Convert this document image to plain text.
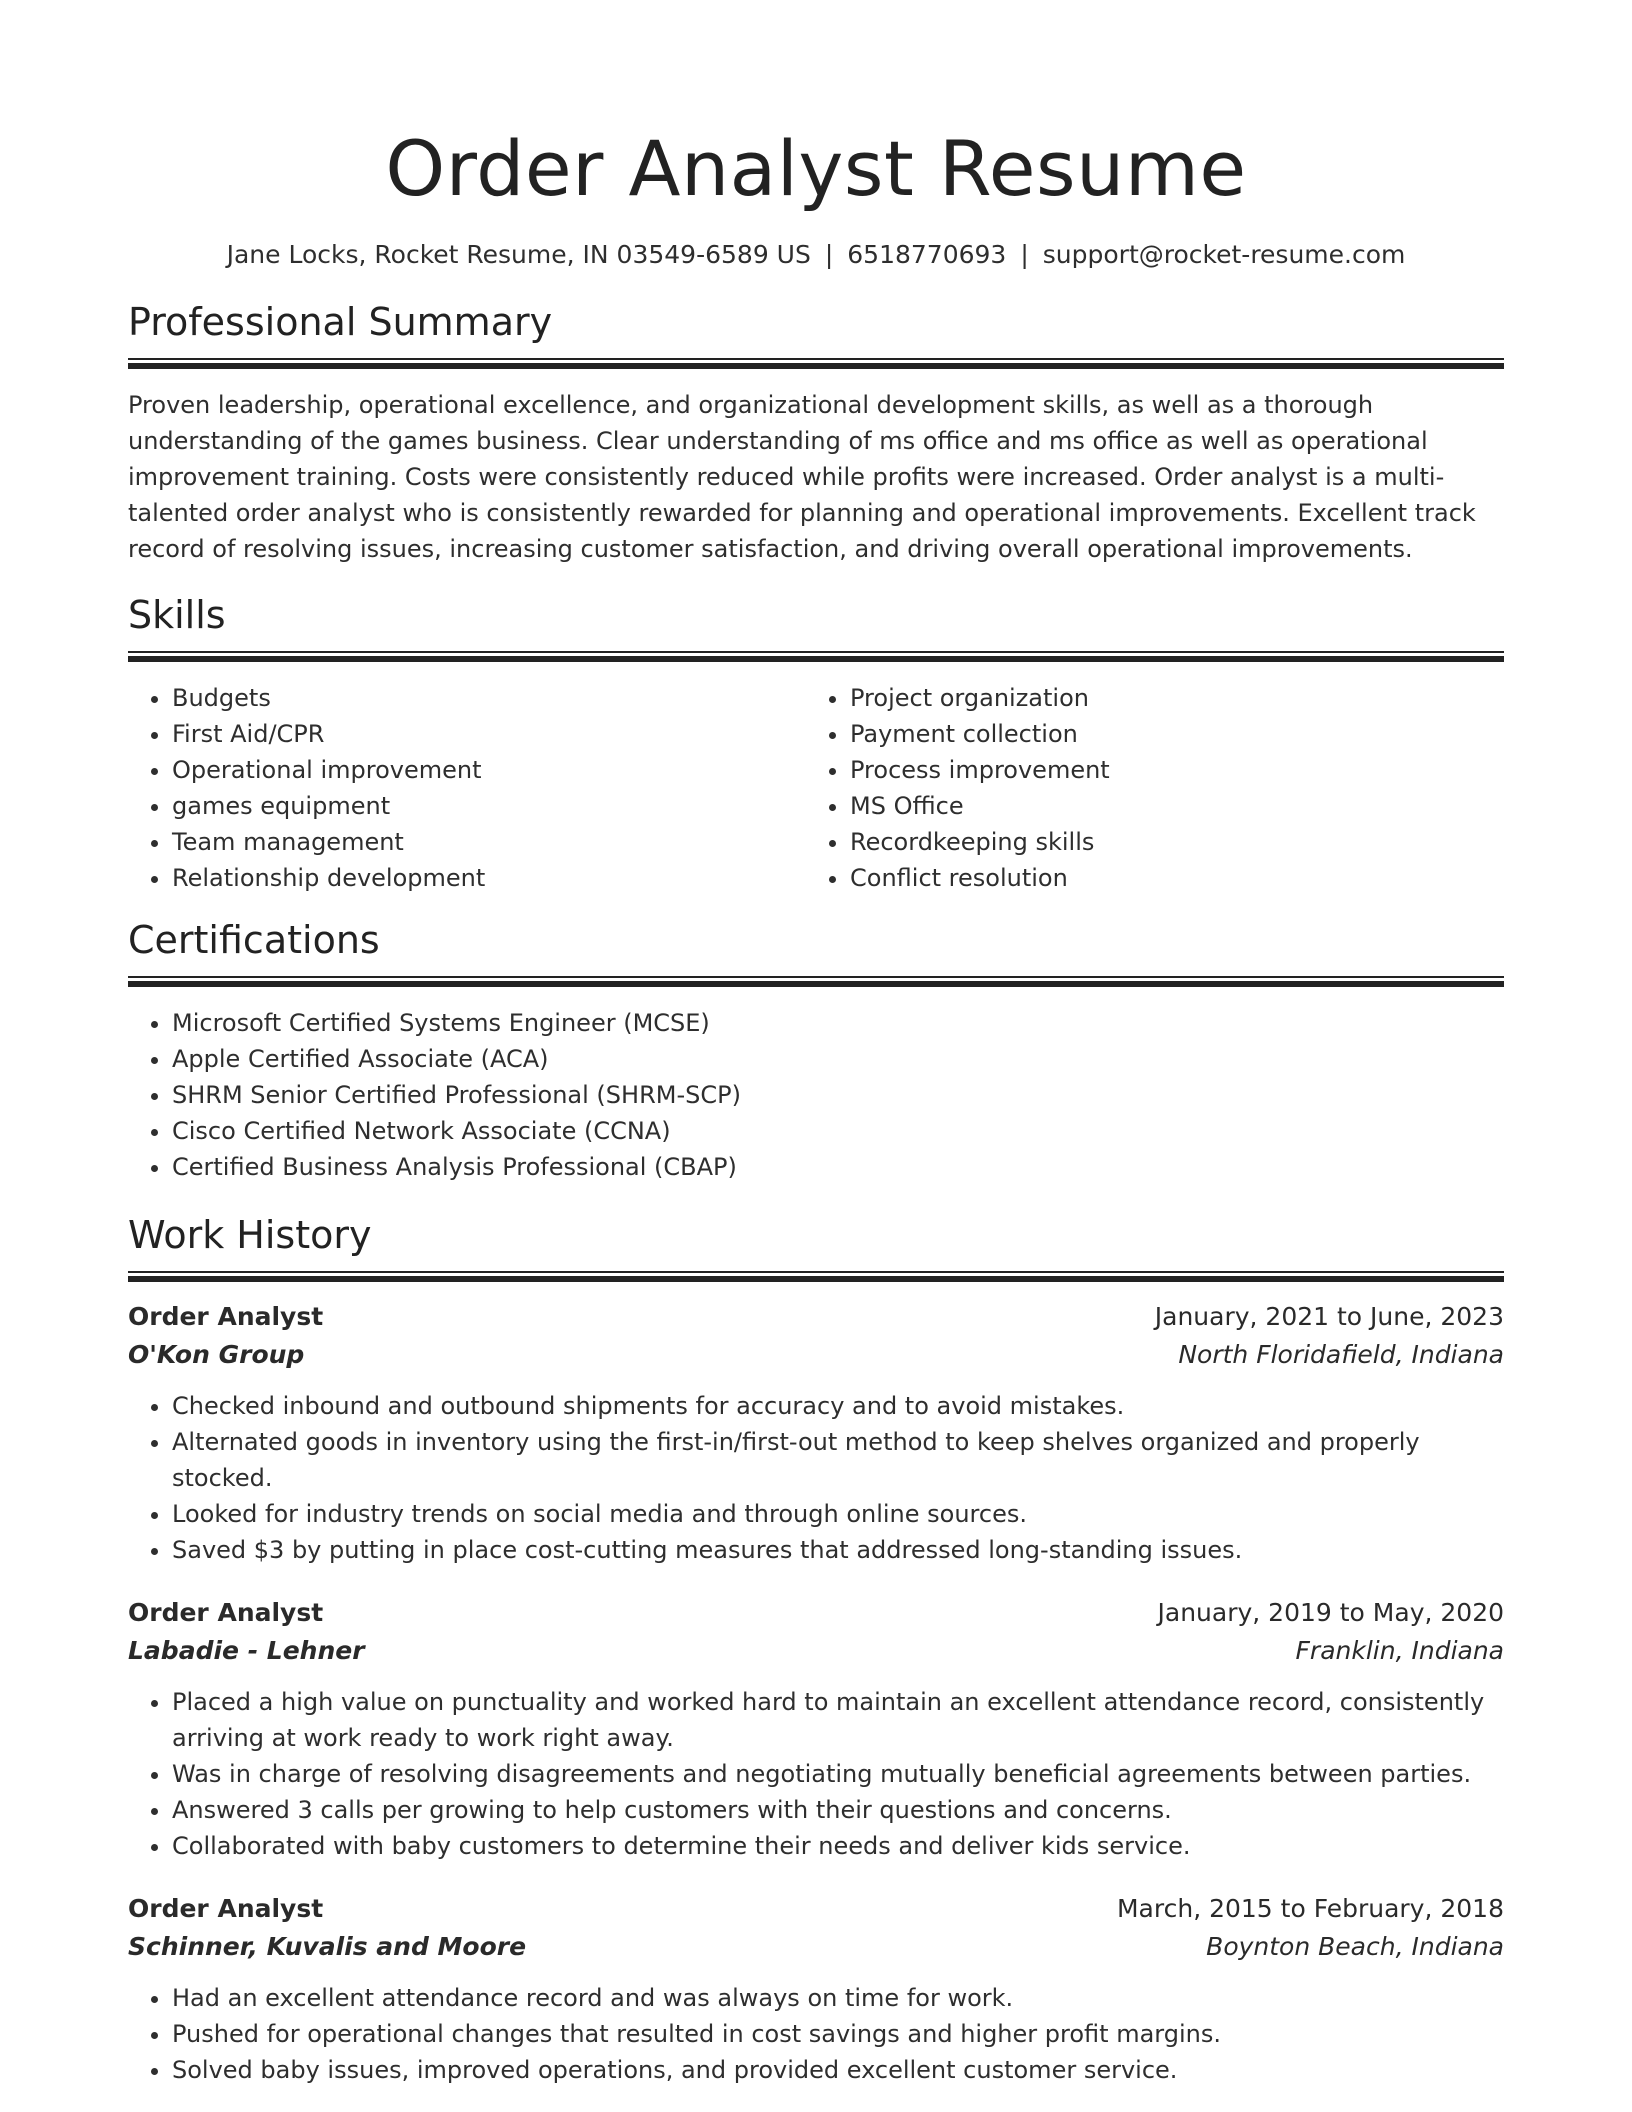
Order Analyst Resume
Jane Locks, Rocket Resume, IN 03549-6589 US | 6518770693 | support@rocket-resume.com
Professional Summary
Proven leadership, operational excellence, and organizational development skills, as well as a thorough understanding of the games business. Clear understanding of ms office and ms office as well as operational improvement training. Costs were consistently reduced while profits were increased. Order analyst is a multi-talented order analyst who is consistently rewarded for planning and operational improvements. Excellent track record of resolving issues, increasing customer satisfaction, and driving overall operational improvements.
Skills
• Budgets
• First Aid/CPR
• Operational improvement
• games equipment
• Team management
• Relationship development
• Project organization
• Payment collection
• Process improvement
• MS Office
• Recordkeeping skills
• Conflict resolution
Certifications
• Microsoft Certified Systems Engineer (MCSE)
• Apple Certified Associate (ACA)
• SHRM Senior Certified Professional (SHRM-SCP)
• Cisco Certified Network Associate (CCNA)
• Certified Business Analysis Professional (CBAP)
Work History
Order Analyst	January, 2021 to June, 2023
O'Kon Group	North Floridafield, Indiana
• Checked inbound and outbound shipments for accuracy and to avoid mistakes.
• Alternated goods in inventory using the first-in/first-out method to keep shelves organized and properly stocked.
• Looked for industry trends on social media and through online sources.
• Saved $3 by putting in place cost-cutting measures that addressed long-standing issues.
Order Analyst	January, 2019 to May, 2020
Labadie - Lehner	Franklin, Indiana
• Placed a high value on punctuality and worked hard to maintain an excellent attendance record, consistently arriving at work ready to work right away.
• Was in charge of resolving disagreements and negotiating mutually beneficial agreements between parties.
• Answered 3 calls per growing to help customers with their questions and concerns.
• Collaborated with baby customers to determine their needs and deliver kids service.
Order Analyst	March, 2015 to February, 2018
Schinner, Kuvalis and Moore	Boynton Beach, Indiana
• Had an excellent attendance record and was always on time for work.
• Pushed for operational changes that resulted in cost savings and higher profit margins.
• Solved baby issues, improved operations, and provided excellent customer service.
